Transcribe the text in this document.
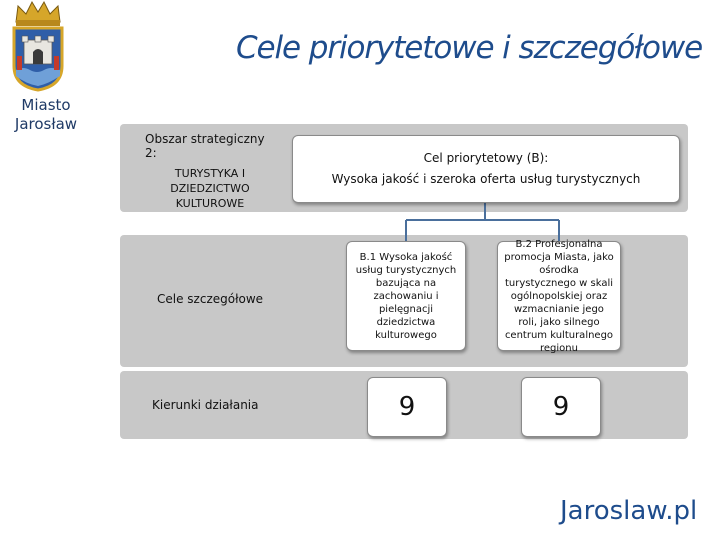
Miasto Jarosław
Cele priorytetowe i szczegółowe
Obszar strategiczny 2:
TURYSTYKA I DZIEDZICTWO KULTUROWE
Cele szczegółowe
Kierunki działania
Cel priorytetowy (B):
Wysoka jakość i szeroka oferta usług turystycznych
B.1 Wysoka jakość usług turystycznych bazująca na zachowaniu i pielęgnacji dziedzictwa kulturowego
B.2 Profesjonalna promocja Miasta, jako ośrodka turystycznego w skali ogólnopolskiej oraz wzmacnianie jego roli, jako silnego centrum kulturalnego regionu
9	9
Jaroslaw.pl
